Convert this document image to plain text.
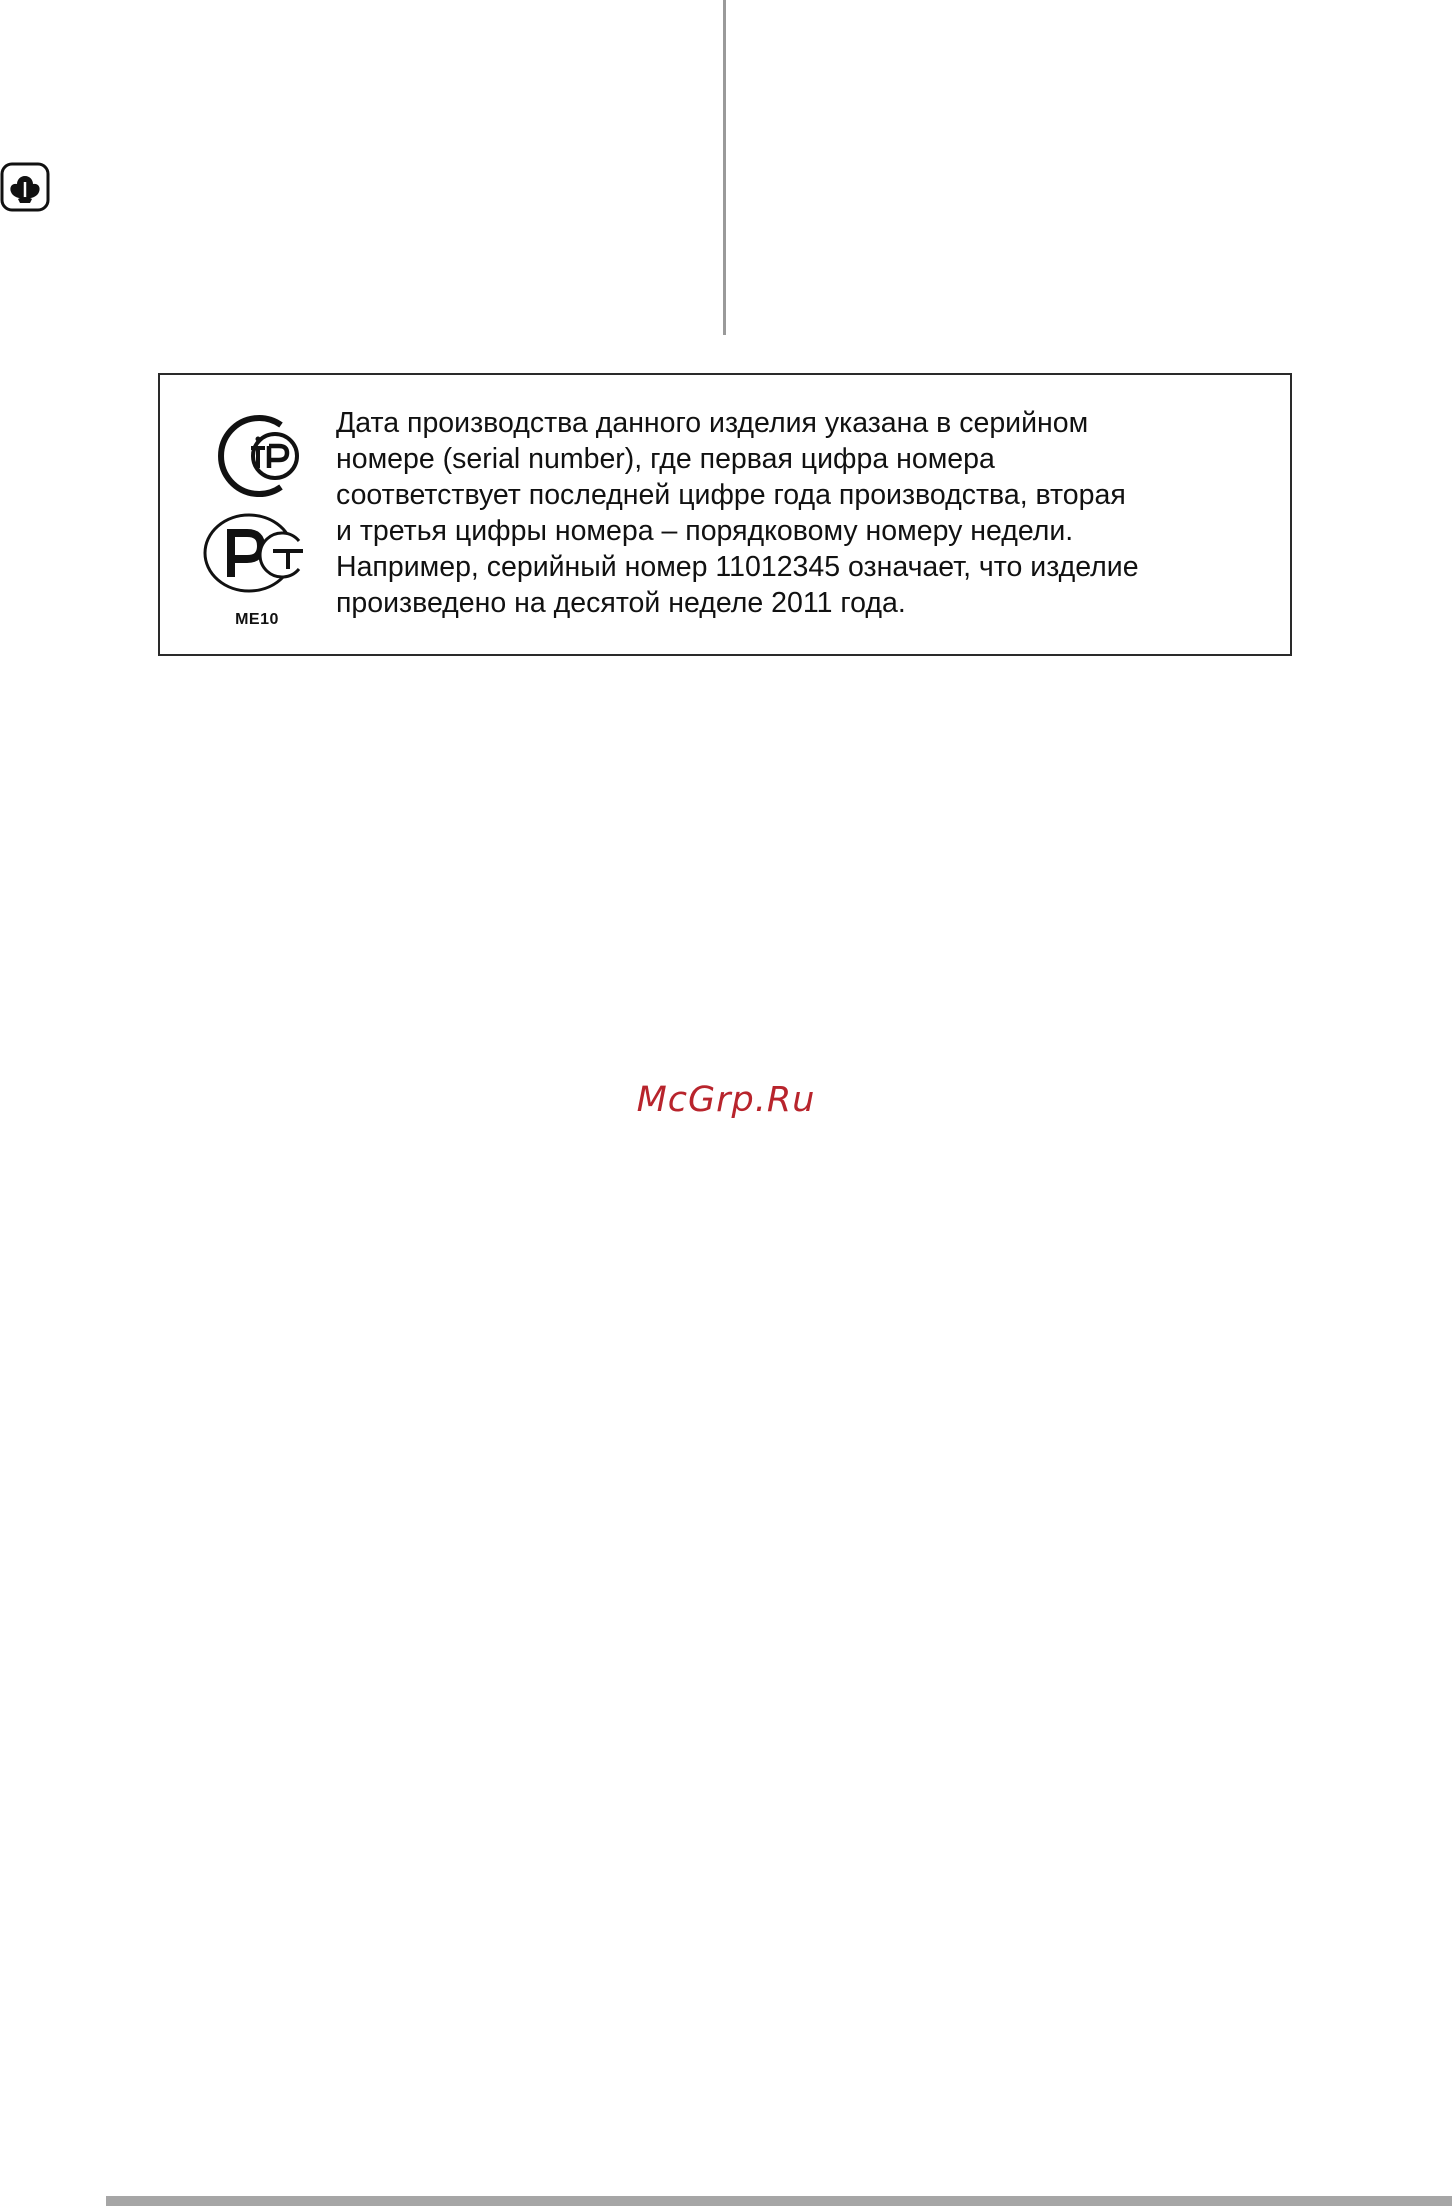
ME10

Дата производства данного изделия указана в серийном
номере (serial number), где первая цифра номера
соответствует последней цифре года производства, вторая
и третья цифры номера – порядковому номеру недели.
Например, серийный номер 11012345 означает, что изделие
произведено на десятой неделе 2011 года.

McGrp.Ru
